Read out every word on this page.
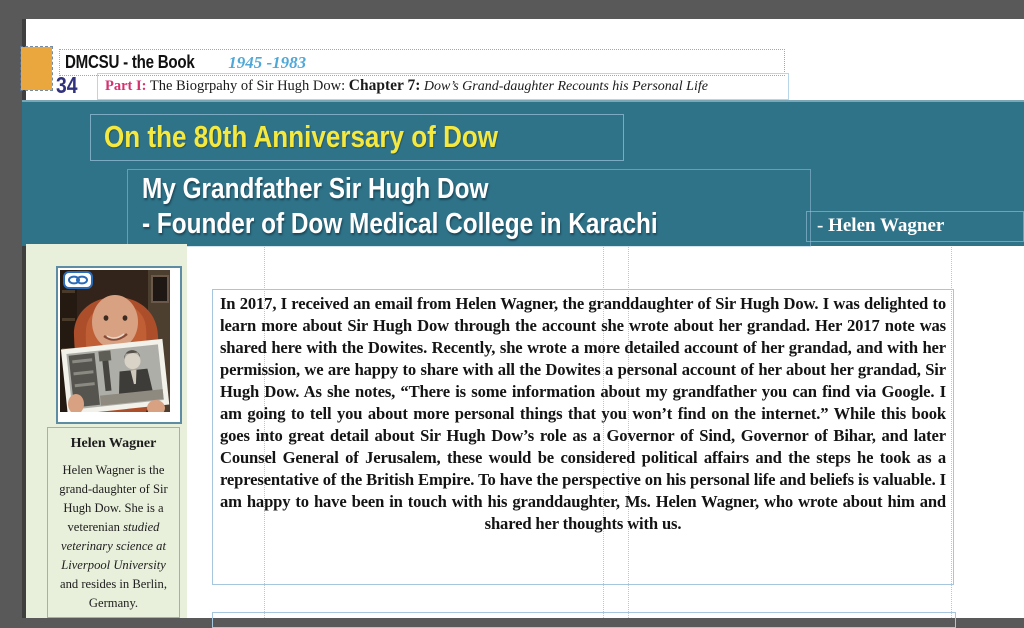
DMCSU - the Book 1945 -1983
34	Part I: The Biogrpahy of Sir Hugh Dow: Chapter 7: Dow’s Grand-daughter Recounts his Personal Life
On the 80th Anniversary of Dow
My Grandfather Sir Hugh Dow
- Founder of Dow Medical College in Karachi	- Helen Wagner
Helen Wagner
Helen Wagner is the grand-daughter of Sir Hugh Dow. She is a veterenian studied veterinary science at Liverpool University and resides in Berlin, Germany.
In 2017, I received an email from Helen Wagner, the granddaughter of Sir Hugh Dow. I was delighted to learn more about Sir Hugh Dow through the account she wrote about her grandad. Her 2017 note was shared here with the Dowites. Recently, she wrote a more detailed account of her grandad, and with her permission, we are happy to share with all the Dowites a personal account of her about her grandad, Sir Hugh Dow. As she notes, “There is some information about my grandfather you can find via Google. I am going to tell you about more personal things that you won’t find on the internet.” While this book goes into great detail about Sir Hugh Dow’s role as a Governor of Sind, Governor of Bihar, and later Counsel General of Jerusalem, these would be considered political affairs and the steps he took as a representative of the British Empire. To have the perspective on his personal life and beliefs is valuable. I am happy to have been in touch with his granddaughter, Ms. Helen Wagner, who wrote about him and shared her thoughts with us.
